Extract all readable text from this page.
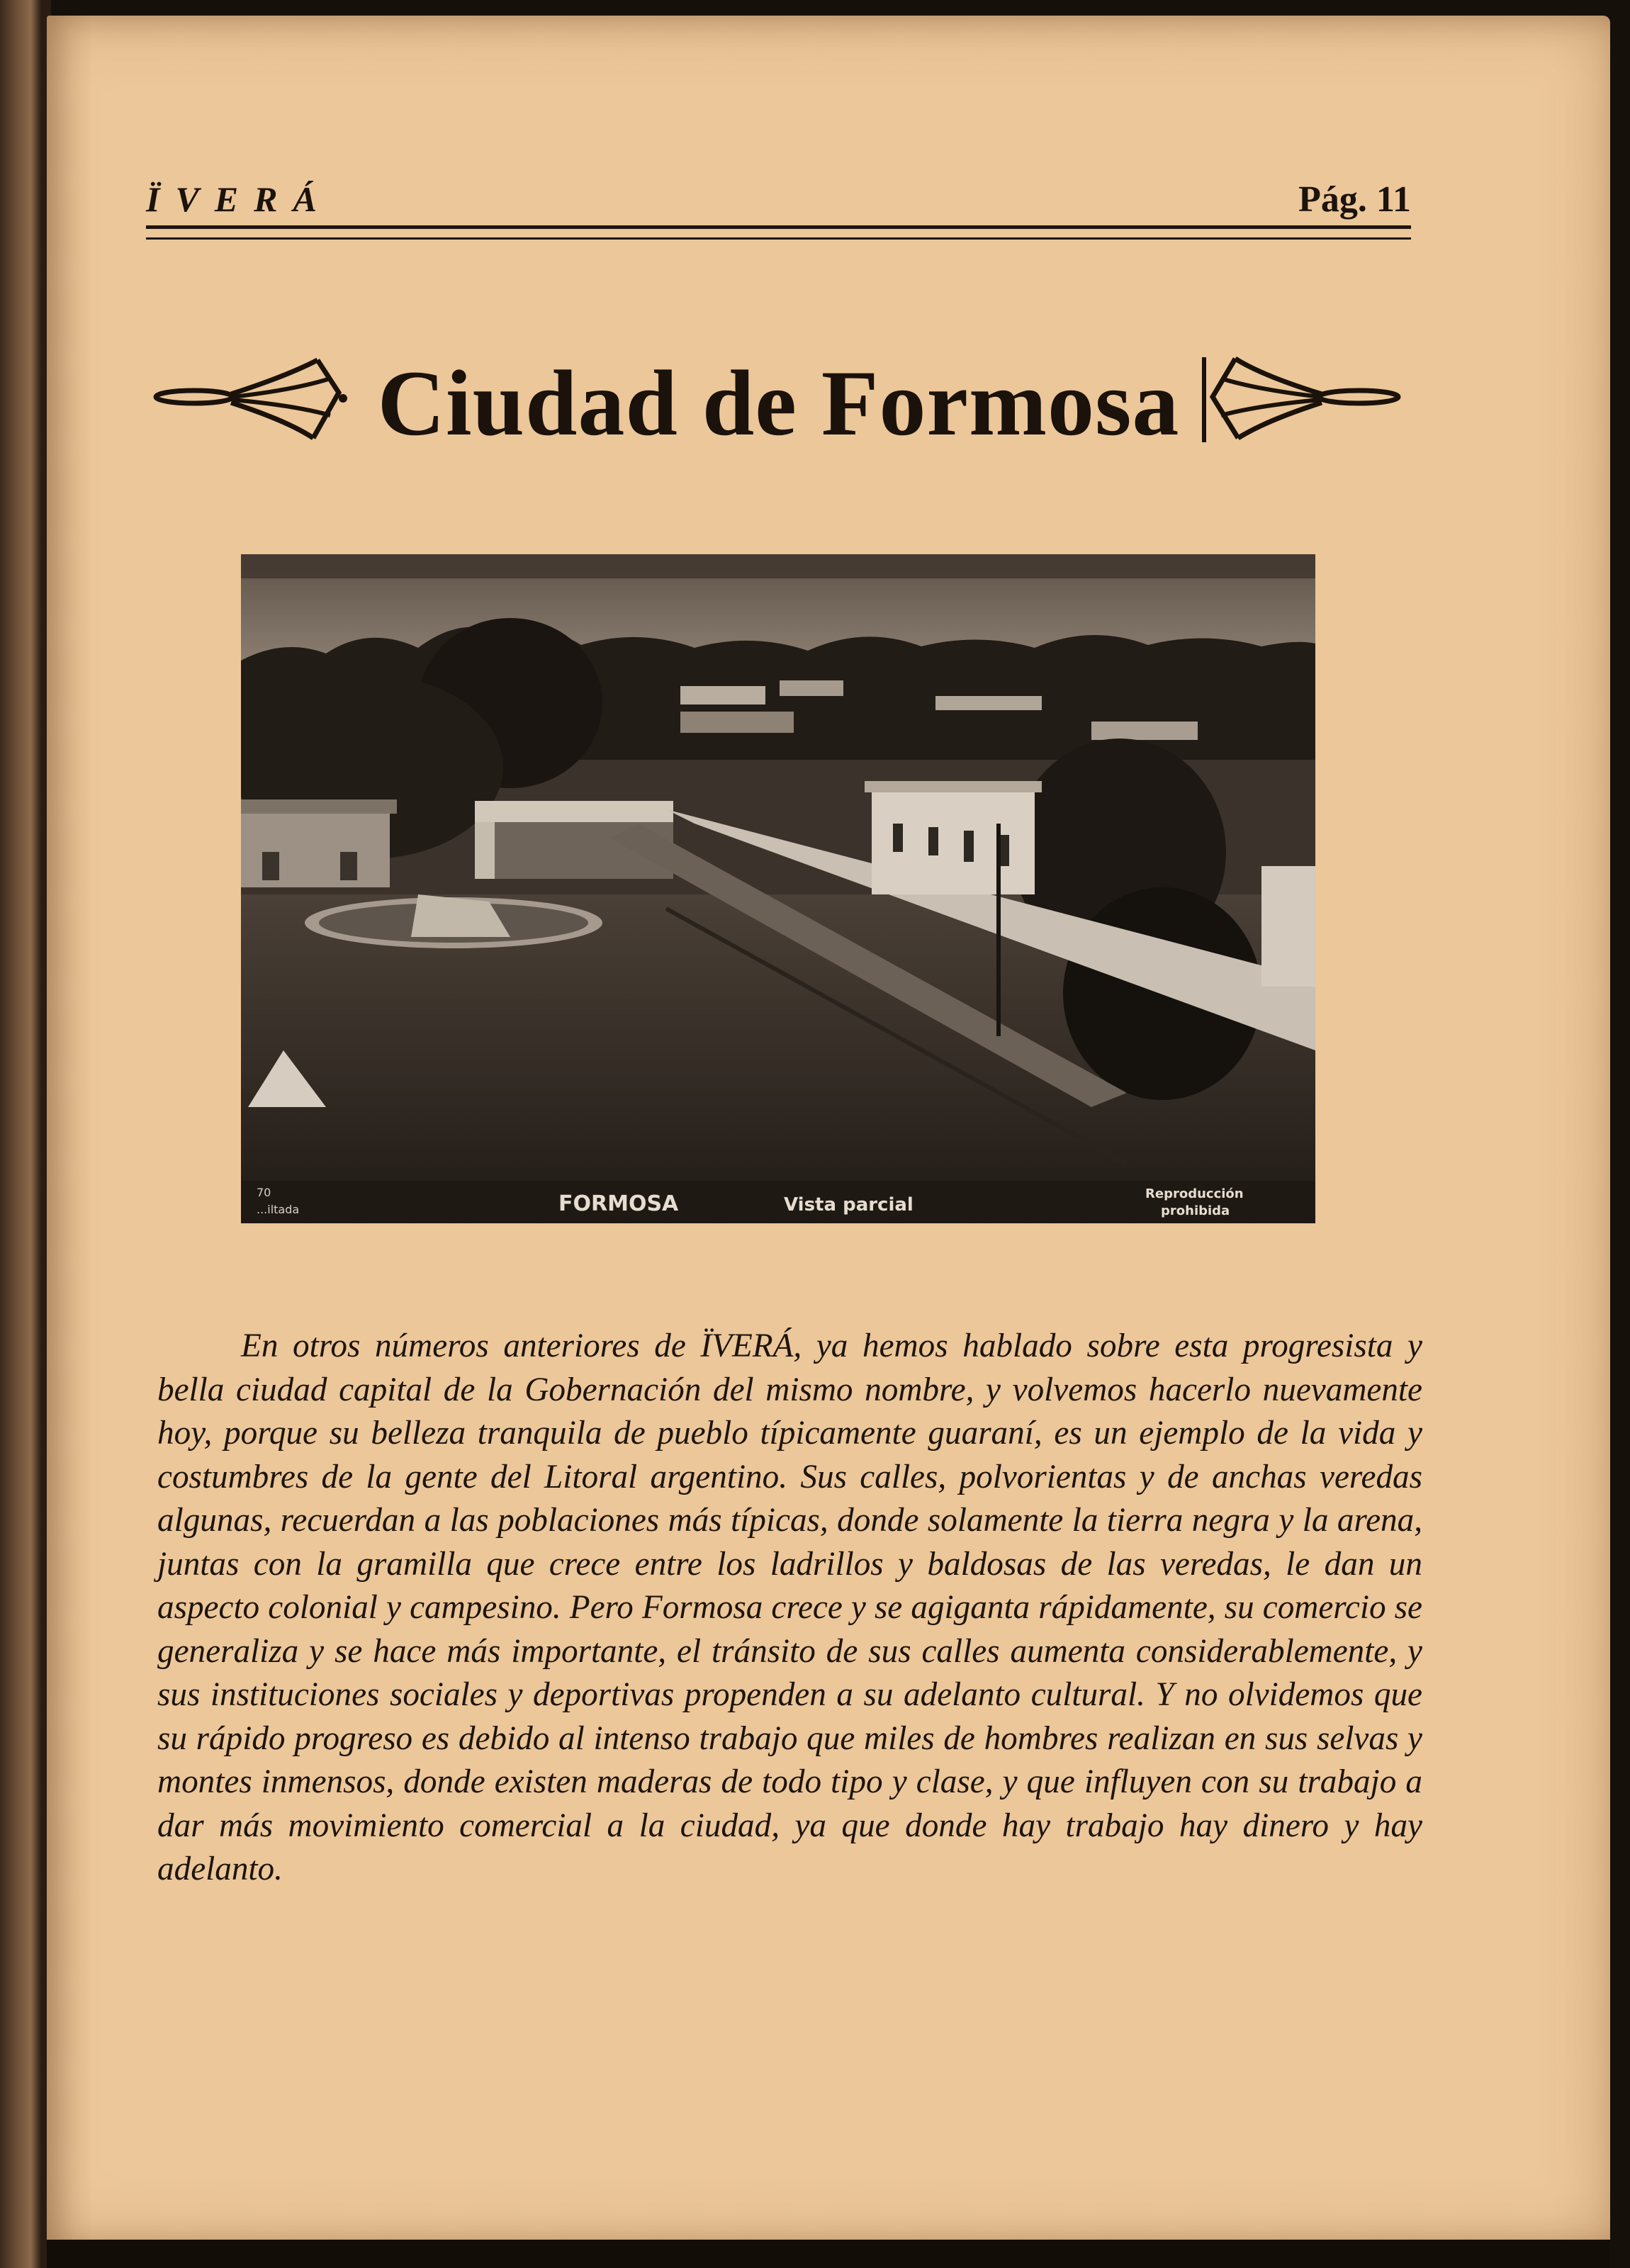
ÏVERÁ	Pág. 11
Ciudad de Formosa
70
...iltada	FORMOSA	Vista parcial
Reproducción
prohibida

En otros números anteriores de ÏVERÁ, ya hemos hablado sobre esta progresista y bella ciudad capital de la Gobernación del mismo nombre, y volvemos hacerlo nuevamente hoy, porque su belleza tranquila de pueblo típicamente guaraní, es un ejemplo de la vida y costumbres de la gente del Litoral argentino. Sus calles, polvorientas y de anchas veredas algunas, recuerdan a las poblaciones más típicas, donde solamente la tierra negra y la arena, juntas con la gramilla que crece entre los ladrillos y baldosas de las veredas, le dan un aspecto colonial y campesino. Pero Formosa crece y se agiganta rápidamente, su comercio se generaliza y se hace más importante, el tránsito de sus calles aumenta considerablemente, y sus instituciones sociales y deportivas propenden a su adelanto cultural. Y no olvidemos que su rápido progreso es debido al intenso trabajo que miles de hombres realizan en sus selvas y montes inmensos, donde existen maderas de todo tipo y clase, y que influyen con su trabajo a dar más movimiento comercial a la ciudad, ya que donde hay trabajo hay dinero y hay adelanto.
